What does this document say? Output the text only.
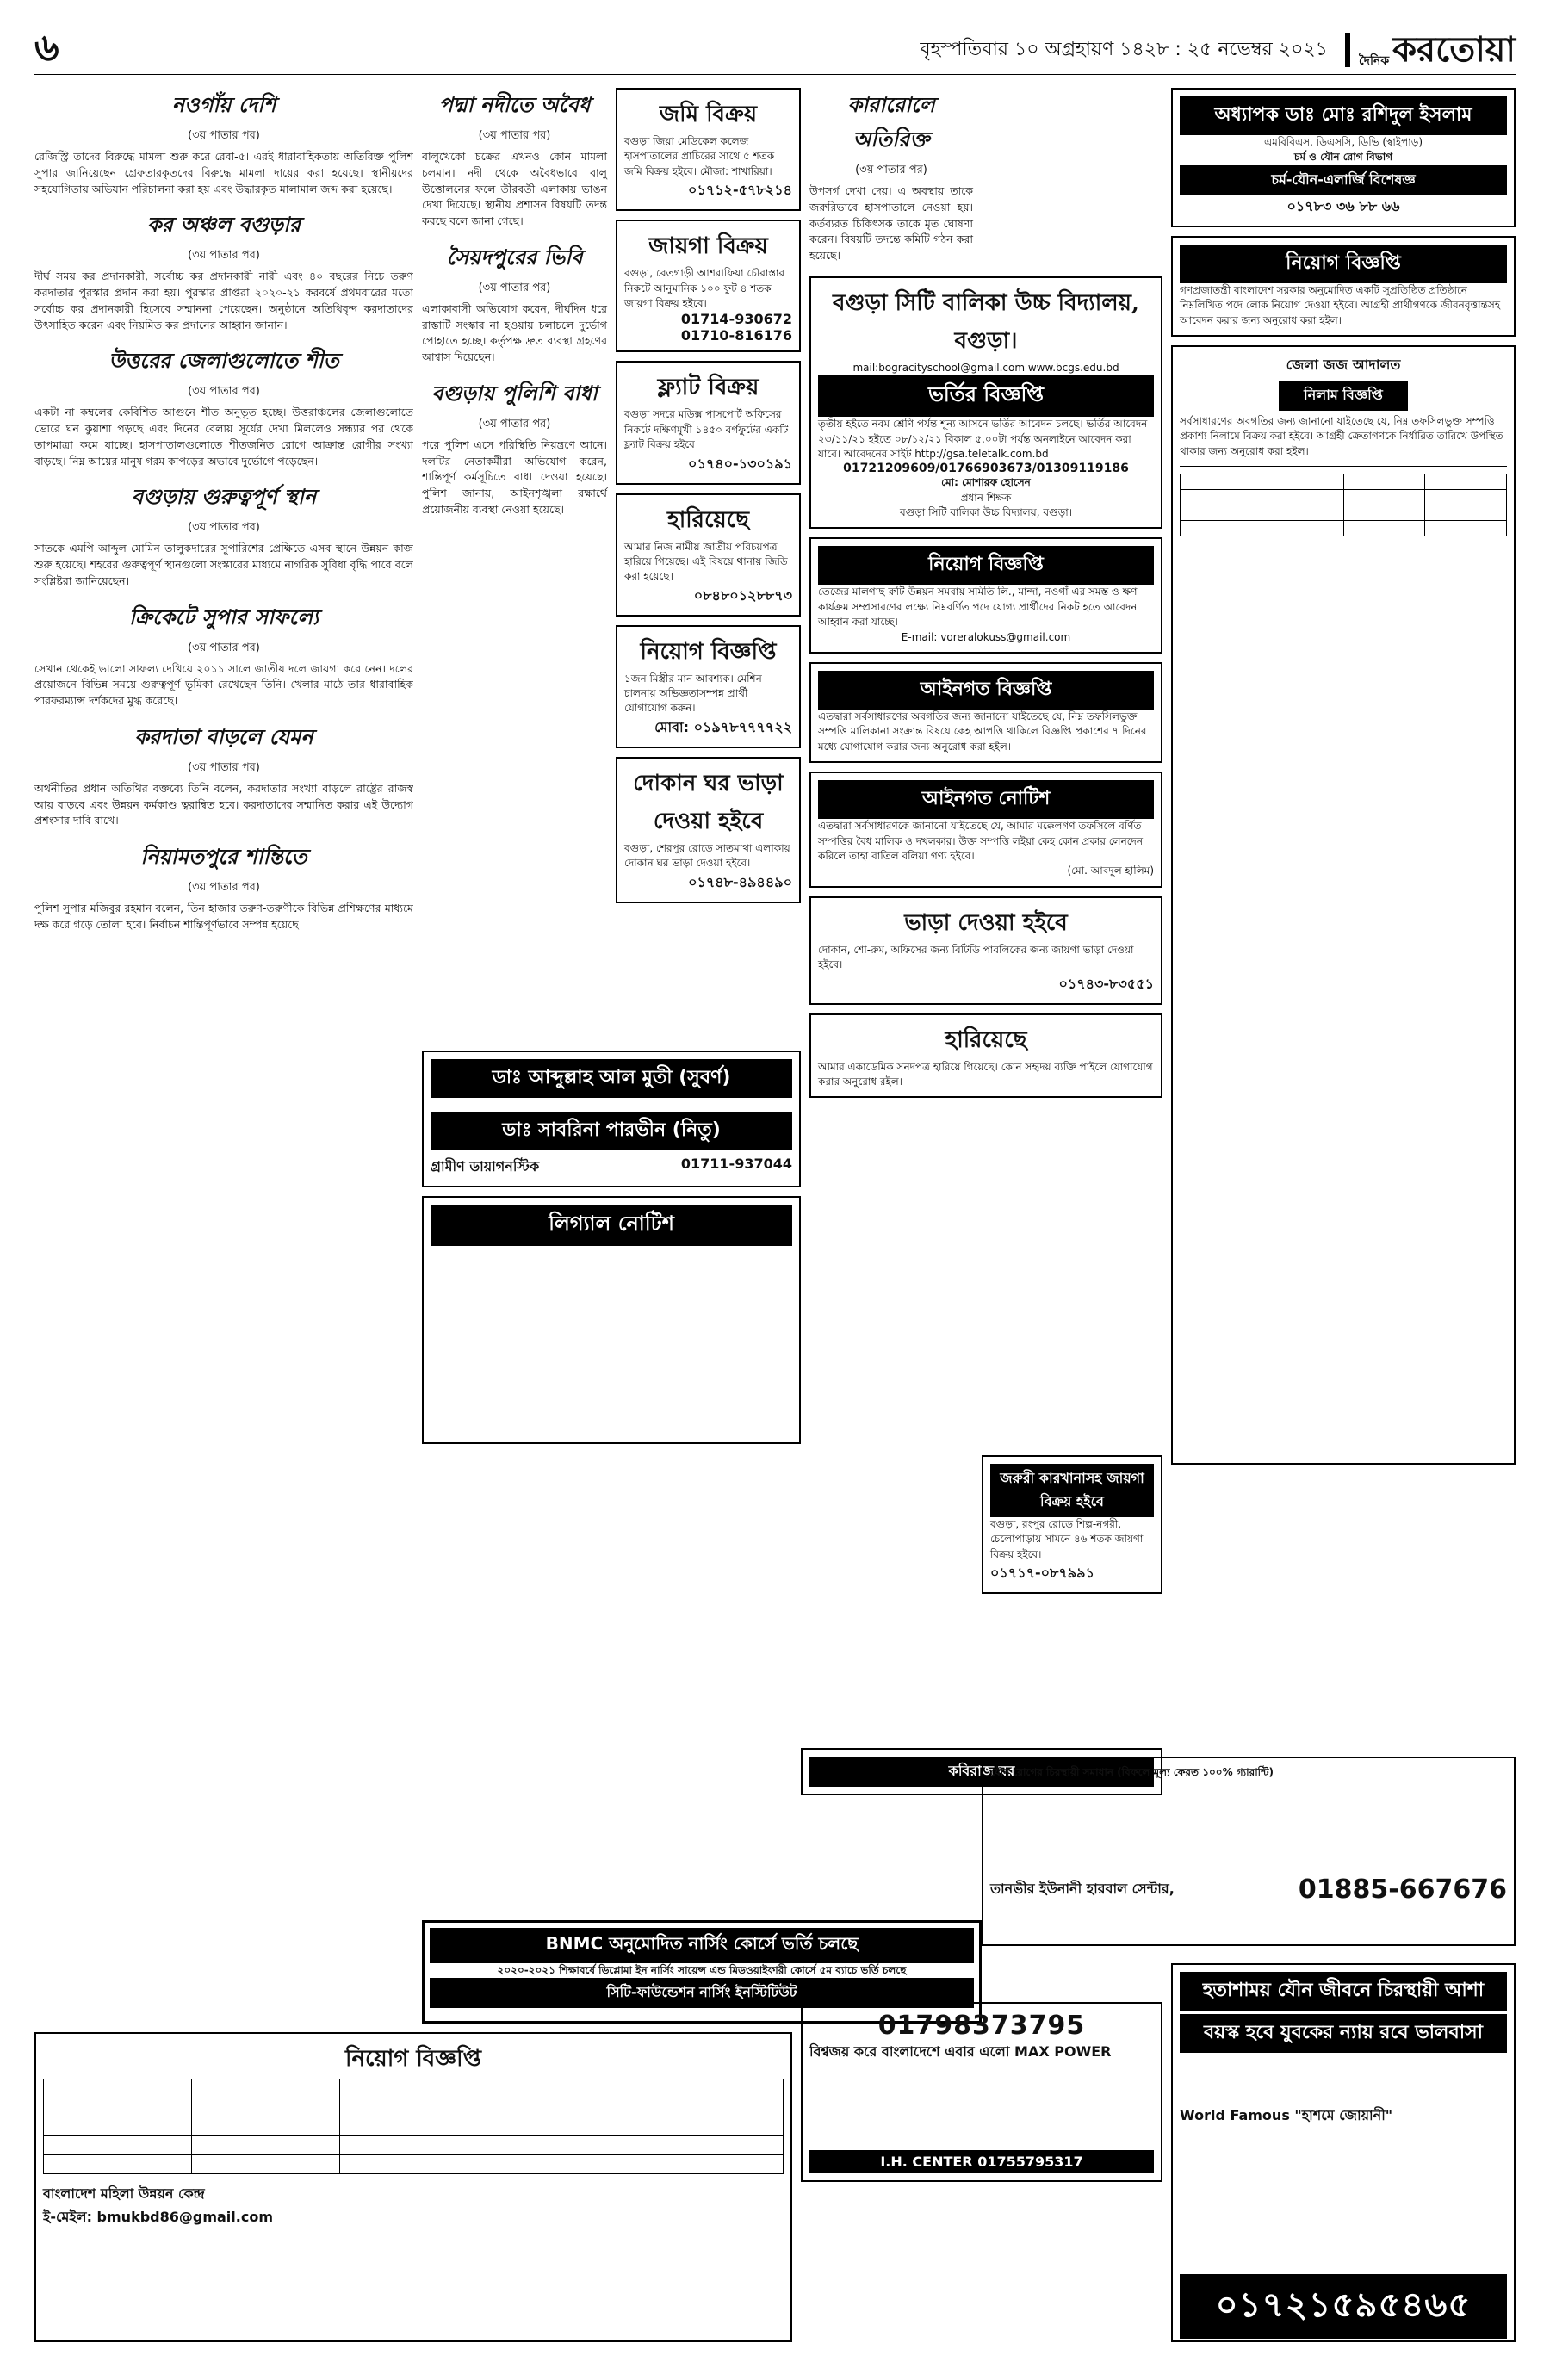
৬	বৃহস্পতিবার ১০ অগ্রহায়ণ ১৪২৮ : ২৫ নভেম্বর ২০২১
দৈনিক করতোয়া
নওগাঁয় দেশি
(৩য় পাতার পর)

রেজিস্ট্রি তাদের বিরুদ্ধে মামলা শুরু করে রেবা-৫। এরই ধারাবাহিকতায় অতিরিক্ত পুলিশ সুপার জানিয়েছেন গ্রেফতারকৃতদের বিরুদ্ধে মামলা দায়ের করা হয়েছে। স্থানীয়দের সহযোগিতায় অভিযান পরিচালনা করা হয় এবং উদ্ধারকৃত মালামাল জব্দ করা হয়েছে।

কর অঞ্চল বগুড়ার
(৩য় পাতার পর)

দীর্ঘ সময় কর প্রদানকারী, সর্বোচ্চ কর প্রদানকারী নারী এবং ৪০ বছরের নিচে তরুণ করদাতার পুরস্কার প্রদান করা হয়। পুরস্কার প্রাপ্তরা ২০২০-২১ করবর্ষে প্রথমবারের মতো সর্বোচ্চ কর প্রদানকারী হিসেবে সম্মাননা পেয়েছেন। অনুষ্ঠানে অতিথিবৃন্দ করদাতাদের উৎসাহিত করেন এবং নিয়মিত কর প্রদানের আহ্বান জানান।

উত্তরের জেলাগুলোতে শীত
(৩য় পাতার পর)

একটা না কম্বলের কেবিশিত আগুনে শীত অনুভূত হচ্ছে। উত্তরাঞ্চলের জেলাগুলোতে ভোরে ঘন কুয়াশা পড়ছে এবং দিনের বেলায় সূর্যের দেখা মিললেও সন্ধ্যার পর থেকে তাপমাত্রা কমে যাচ্ছে। হাসপাতালগুলোতে শীতজনিত রোগে আক্রান্ত রোগীর সংখ্যা বাড়ছে। নিম্ন আয়ের মানুষ গরম কাপড়ের অভাবে দুর্ভোগে পড়েছেন।

বগুড়ায় গুরুত্বপূর্ণ স্থান
(৩য় পাতার পর)

সাতকে এমপি আব্দুল মোমিন তালুকদারের সুপারিশের প্রেক্ষিতে এসব স্থানে উন্নয়ন কাজ শুরু হয়েছে। শহরের গুরুত্বপূর্ণ স্থানগুলো সংস্কারের মাধ্যমে নাগরিক সুবিধা বৃদ্ধি পাবে বলে সংশ্লিষ্টরা জানিয়েছেন।

ক্রিকেটে সুপার সাফল্যে
(৩য় পাতার পর)

সেখান থেকেই ভালো সাফল্য দেখিয়ে ২০১১ সালে জাতীয় দলে জায়গা করে নেন। দলের প্রয়োজনে বিভিন্ন সময়ে গুরুত্বপূর্ণ ভূমিকা রেখেছেন তিনি। খেলার মাঠে তার ধারাবাহিক পারফরম্যান্স দর্শকদের মুগ্ধ করেছে।

করদাতা বাড়লে যেমন
(৩য় পাতার পর)

অর্থনীতির প্রধান অতিথির বক্তব্যে তিনি বলেন, করদাতার সংখ্যা বাড়লে রাষ্ট্রের রাজস্ব আয় বাড়বে এবং উন্নয়ন কর্মকাণ্ড ত্বরান্বিত হবে। করদাতাদের সম্মানিত করার এই উদ্যোগ প্রশংসার দাবি রাখে।

নিয়ামতপুরে শান্তিতে
(৩য় পাতার পর)

পুলিশ সুপার মজিবুর রহমান বলেন, তিন হাজার তরুণ-তরুণীকে বিভিন্ন প্রশিক্ষণের মাধ্যমে দক্ষ করে গড়ে তোলা হবে। নির্বাচন শান্তিপূর্ণভাবে সম্পন্ন হয়েছে।

পদ্মা নদীতে অবৈধ
(৩য় পাতার পর)

বালুখেকো চক্রের এখনও কোন মামলা চলমান। নদী থেকে অবৈধভাবে বালু উত্তোলনের ফলে তীরবর্তী এলাকায় ভাঙন দেখা দিয়েছে। স্থানীয় প্রশাসন বিষয়টি তদন্ত করছে বলে জানা গেছে।

সৈয়দপুরের ভিবি
(৩য় পাতার পর)

এলাকাবাসী অভিযোগ করেন, দীর্ঘদিন ধরে রাস্তাটি সংস্কার না হওয়ায় চলাচলে দুর্ভোগ পোহাতে হচ্ছে। কর্তৃপক্ষ দ্রুত ব্যবস্থা গ্রহণের আশ্বাস দিয়েছেন।

বগুড়ায় পুলিশি বাধা
(৩য় পাতার পর)

পরে পুলিশ এসে পরিস্থিতি নিয়ন্ত্রণে আনে। দলটির নেতাকর্মীরা অভিযোগ করেন, শান্তিপূর্ণ কর্মসূচিতে বাধা দেওয়া হয়েছে। পুলিশ জানায়, আইনশৃঙ্খলা রক্ষার্থে প্রয়োজনীয় ব্যবস্থা নেওয়া হয়েছে।

জমি বিক্রয়

বগুড়া জিয়া মেডিকেল কলেজ হাসপাতালের প্রাচিরের সাথে ৫ শতক জমি বিক্রয় হইবে। মৌজা: শাখারিয়া।

০১৭১২-৫৭৮২১৪

জায়গা বিক্রয়

বগুড়া, বেতগাড়ী আশরাফিয়া চৌরাস্তার নিকটে আনুমানিক ১০০ ফুট ৪ শতক জায়গা বিক্রয় হইবে।

01714-930672

01710-816176

ফ্ল্যাট বিক্রয়

বগুড়া সদরে মডিক্স পাসপোর্ট অফিসের নিকটে দক্ষিণমুখী ১৪৫০ বর্গফুটের একটি ফ্ল্যাট বিক্রয় হইবে।

০১৭৪০-১৩০১৯১

হারিয়েছে

আমার নিজ নামীয় জাতীয় পরিচয়পত্র হারিয়ে গিয়েছে। এই বিষয়ে থানায় জিডি করা হয়েছে।

০৮৪৮০১২৮৮৭৩

নিয়োগ বিজ্ঞপ্তি

১জন মিস্ত্রীর মান আবশ্যক। মেশিন চালনায় অভিজ্ঞতাসম্পন্ন প্রার্থী যোগাযোগ করুন।

মোবা: ০১৯৭৮৭৭৭৭২২

দোকান ঘর ভাড়া দেওয়া হইবে

বগুড়া, শেরপুর রোডে সাতমাথা এলাকায় দোকান ঘর ভাড়া দেওয়া হইবে।

০১৭৪৮-৪৯৪৪৯০

কারারোলে অতিরিক্ত
(৩য় পাতার পর)

উপসর্গ দেখা দেয়। এ অবস্থায় তাকে জরুরিভাবে হাসপাতালে নেওয়া হয়। কর্তব্যরত চিকিৎসক তাকে মৃত ঘোষণা করেন। বিষয়টি তদন্তে কমিটি গঠন করা হয়েছে।

বগুড়া সিটি বালিকা উচ্চ বিদ্যালয়, বগুড়া।

mail:bogracityschool@gmail.com www.bcgs.edu.bd

ভর্তির বিজ্ঞপ্তি

তৃতীয় হইতে নবম শ্রেণি পর্যন্ত শূন্য আসনে ভর্তির আবেদন চলছে। ভর্তির আবেদন ২৩/১১/২১ হইতে ০৮/১২/২১ বিকাল ৫.০০টা পর্যন্ত অনলাইনে আবেদন করা যাবে। আবেদনের সাইট http://gsa.teletalk.com.bd

01721209609/01766903673/01309119186

মো: মোশারফ হোসেন

প্রধান শিক্ষক

বগুড়া সিটি বালিকা উচ্চ বিদ্যালয়, বগুড়া।

নিয়োগ বিজ্ঞপ্তি

তেজের মালগাছ রুটি উন্নয়ন সমবায় সমিতি লি., মান্দা, নওগাঁ এর সমস্ত ও ক্ষণ কার্যক্রম সম্প্রসারণের লক্ষ্যে নিম্নবর্ণিত পদে যোগ্য প্রার্থীদের নিকট হতে আবেদন আহ্বান করা যাচ্ছে।

E-mail: voreralokuss@gmail.com

আইনগত বিজ্ঞপ্তি

এতদ্বারা সর্বসাধারণের অবগতির জন্য জানানো যাইতেছে যে, নিম্ন তফসিলভুক্ত সম্পত্তি মালিকানা সংক্রান্ত বিষয়ে কেহ আপত্তি থাকিলে বিজ্ঞপ্তি প্রকাশের ৭ দিনের মধ্যে যোগাযোগ করার জন্য অনুরোধ করা হইল।

আইনগত নোটিশ

এতদ্বারা সর্বসাধারণকে জানানো যাইতেছে যে, আমার মক্কেলগণ তফসিলে বর্ণিত সম্পত্তির বৈধ মালিক ও দখলকার। উক্ত সম্পত্তি লইয়া কেহ কোন প্রকার লেনদেন করিলে তাহা বাতিল বলিয়া গণ্য হইবে।

(মো. আবদুল হালিম)

ভাড়া দেওয়া হইবে

দোকান, শো-রুম, অফিসের জন্য বিটিডি পাবলিকের জন্য জায়গা ভাড়া দেওয়া হইবে।

০১৭৪৩-৮৩৫৫১

হারিয়েছে

আমার একাডেমিক সনদপত্র হারিয়ে গিয়েছে। কোন সহৃদয় ব্যক্তি পাইলে যোগাযোগ করার অনুরোধ রইল।

অধ্যাপক ডাঃ মোঃ রশিদুল ইসলাম

এমবিবিএস, ডিএসসি, ডিভি (স্বাইপাড়)

চর্ম ও যৌন রোগ বিভাগ

চর্ম-যৌন-এলার্জি বিশেষজ্ঞ

০১৭৮৩ ৩৬ ৮৮ ৬৬

নিয়োগ বিজ্ঞপ্তি

গণপ্রজাতন্ত্রী বাংলাদেশ সরকার অনুমোদিত একটি সুপ্রতিষ্ঠিত প্রতিষ্ঠানে নিম্নলিখিত পদে লোক নিয়োগ দেওয়া হইবে। আগ্রহী প্রার্থীগণকে জীবনবৃত্তান্তসহ আবেদন করার জন্য অনুরোধ করা হইল।

জেলা জজ আদালত

নিলাম বিজ্ঞপ্তি

সর্বসাধারণের অবগতির জন্য জানানো যাইতেছে যে, নিম্ন তফসিলভুক্ত সম্পত্তি প্রকাশ্য নিলামে বিক্রয় করা হইবে। আগ্রহী ক্রেতাগণকে নির্ধারিত তারিখে উপস্থিত থাকার জন্য অনুরোধ করা হইল।

ডাঃ আব্দুল্লাহ আল মুতী (সুবর্ণ)
ডাঃ সাবরিনা পারভীন (নিতু)
গ্রামীণ ডায়াগনস্টিক	01711-937044
লিগ্যাল নোটিশ
জরুরী কারখানাসহ জায়গা বিক্রয় হইবে

বগুড়া, রংপুর রোডে শিল্প-নগরী, চেলোপাড়ায় সামনে ৪৬ শতক জায়গা বিক্রয় হইবে।

০১৭১৭-০৮৭৯৯১

BNMC অনুমোদিত নার্সিং কোর্সে ভর্তি চলছে

২০২০-২০২১ শিক্ষাবর্ষে ডিপ্লোমা ইন নার্সিং সায়েন্স এন্ড মিডওয়াইফারী কোর্সে ৫ম ব্যাচে ভর্তি চলছে

সিটি-ফাউন্ডেশন নার্সিং ইনস্টিটিউট
নিয়োগ বিজ্ঞপ্তি

বাংলাদেশ মহিলা উন্নয়ন কেন্দ্র

ই-মেইল: bmukbd86@gmail.com

কবিরাজ ঘর

01798373795

বিশ্বজয় করে বাংলাদেশে এবার এলো MAX POWER

I.H. CENTER 01755795317

যৌন রোগের চিরস্থায়ী সমাধান (বিফলে মূল্য ফেরত ১০০% গ্যারান্টি)

তানভীর ইউনানী হারবাল সেন্টার,	01885-667676
হতাশাময় যৌন জীবনে চিরস্থায়ী আশা
বয়স্ক হবে যুবকের ন্যায় রবে ভালবাসা

World Famous "হাশমে জোয়ানী"

০১৭২১৫৯৫৪৬৫
